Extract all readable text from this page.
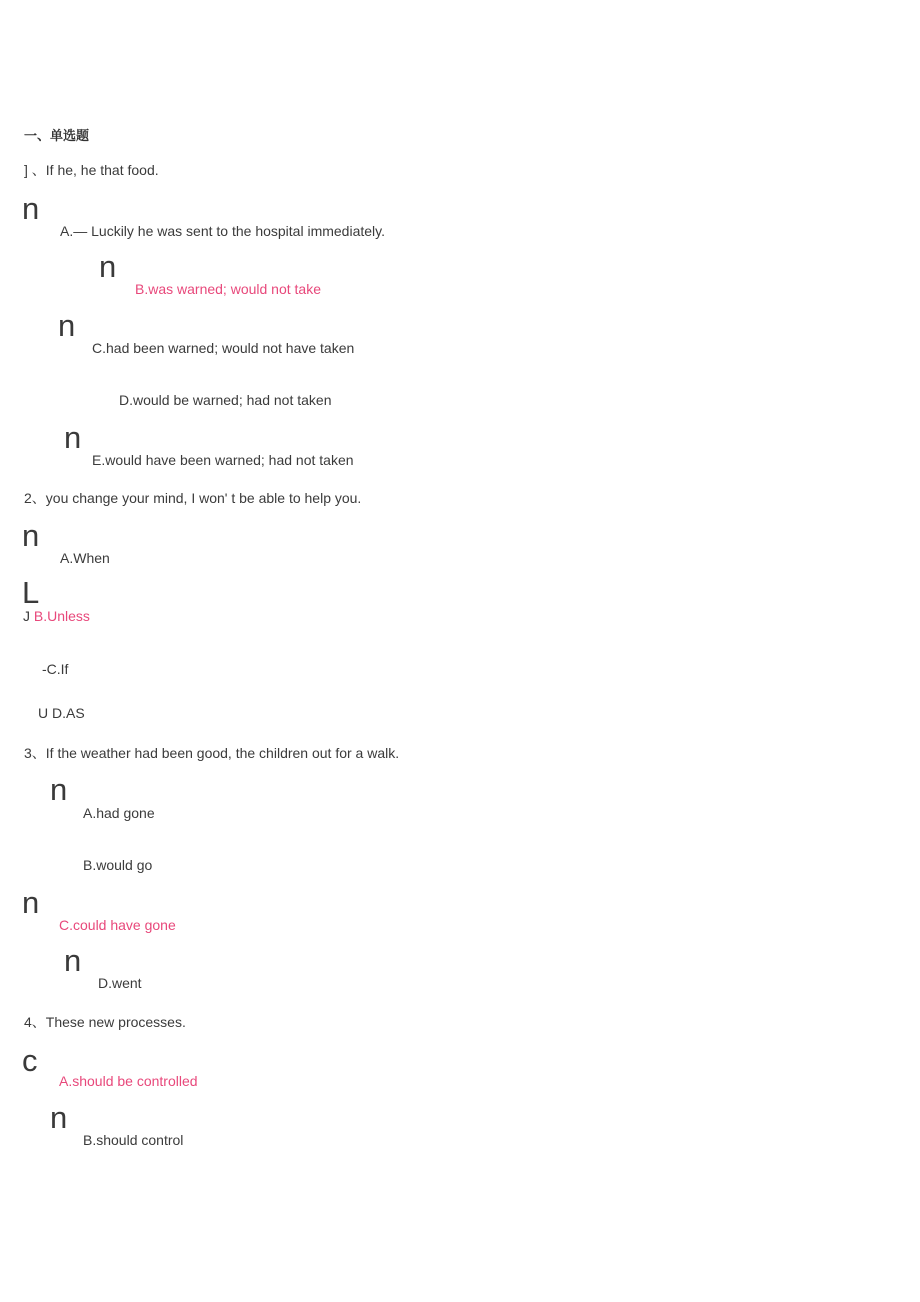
一、单选题
] 、If he, he that food.
n
A.— Luckily he was sent to the hospital immediately.
n
B.was warned; would not take
n
C.had been warned; would not have taken
D.would be warned; had not taken
n
E.would have been warned; had not taken
2、you change your mind, I won' t be able to help you.
n
A.When
L
J B.Unless
-C.If
U D.AS
3、If the weather had been good, the children out for a walk.
n
A.had gone
B.would go
n
C.could have gone
n
D.went
4、These new processes.
c
A.should be controlled
n
B.should control
